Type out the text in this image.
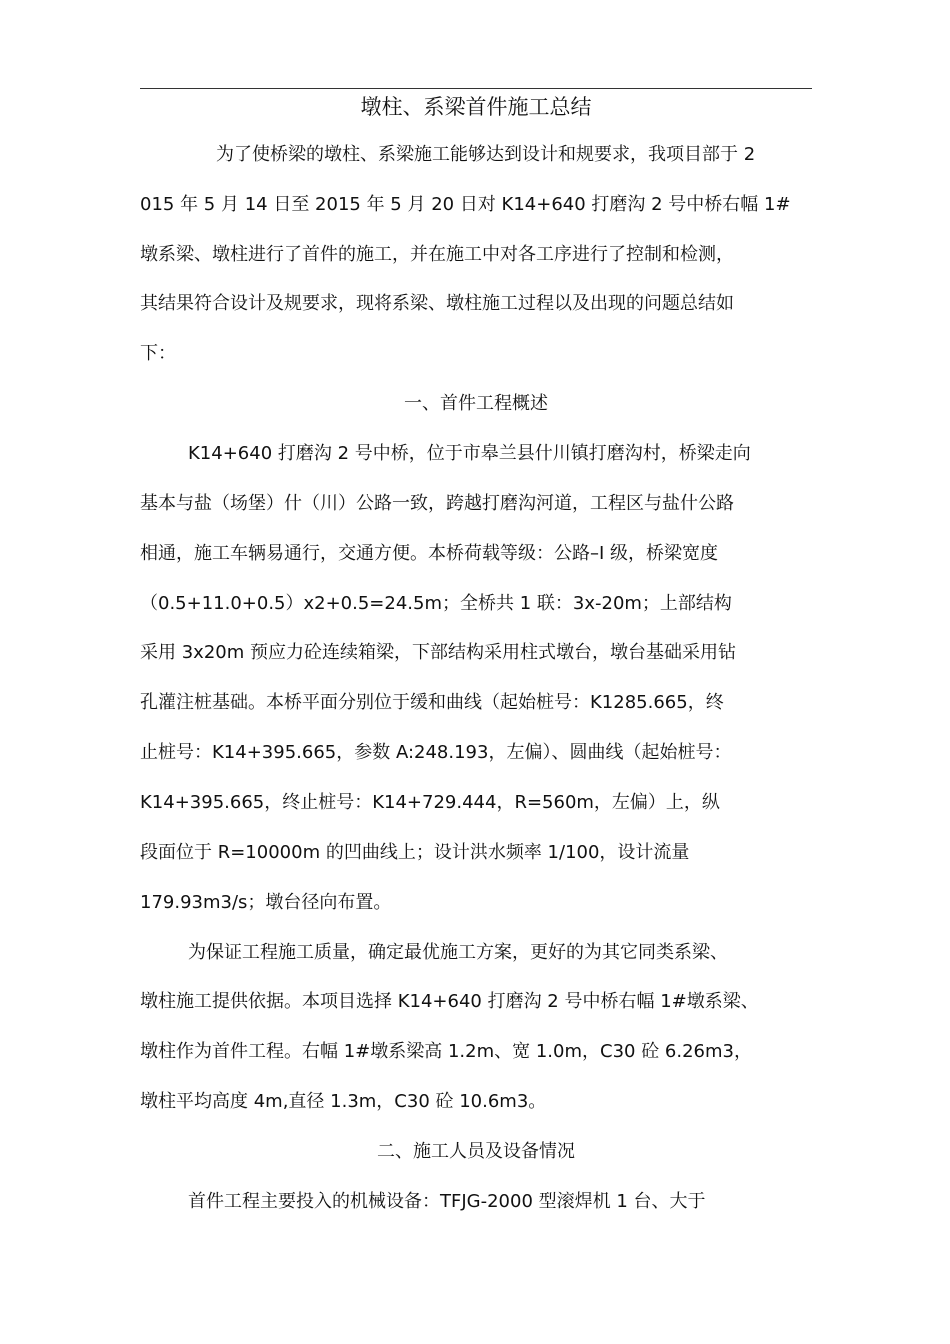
墩柱、系梁首件施工总结
为了使桥梁的墩柱、系梁施工能够达到设计和规要求，我项目部于 2
015 年 5 月 14 日至 2015 年 5 月 20 日对 K14+640 打磨沟 2 号中桥右幅 1#
墩系梁、墩柱进行了首件的施工，并在施工中对各工序进行了控制和检测，
其结果符合设计及规要求，现将系梁、墩柱施工过程以及出现的问题总结如
下：
一、首件工程概述
K14+640 打磨沟 2 号中桥，位于市皋兰县什川镇打磨沟村，桥梁走向
基本与盐（场堡）什（川）公路一致，跨越打磨沟河道，工程区与盐什公路
相通，施工车辆易通行，交通方便。本桥荷载等级：公路–I 级，桥梁宽度
（0.5+11.0+0.5）x2+0.5=24.5m；全桥共 1 联：3x-20m；上部结构
采用 3x20m 预应力砼连续箱梁，下部结构采用柱式墩台，墩台基础采用钻
孔灌注桩基础。本桥平面分别位于缓和曲线（起始桩号：K1285.665，终
止桩号：K14+395.665，参数 A:248.193，左偏）、圆曲线（起始桩号：
K14+395.665，终止桩号：K14+729.444，R=560m，左偏）上，纵
段面位于 R=10000m 的凹曲线上；设计洪水频率 1/100，设计流量
179.93m3/s；墩台径向布置。
为保证工程施工质量，确定最优施工方案，更好的为其它同类系梁、
墩柱施工提供依据。本项目选择 K14+640 打磨沟 2 号中桥右幅 1#墩系梁、
墩柱作为首件工程。右幅 1#墩系梁高 1.2m、宽 1.0m，C30 砼 6.26m3，
墩柱平均高度 4m,直径 1.3m，C30 砼 10.6m3。
二、施工人员及设备情况
首件工程主要投入的机械设备：TFJG-2000 型滚焊机 1 台、大于
